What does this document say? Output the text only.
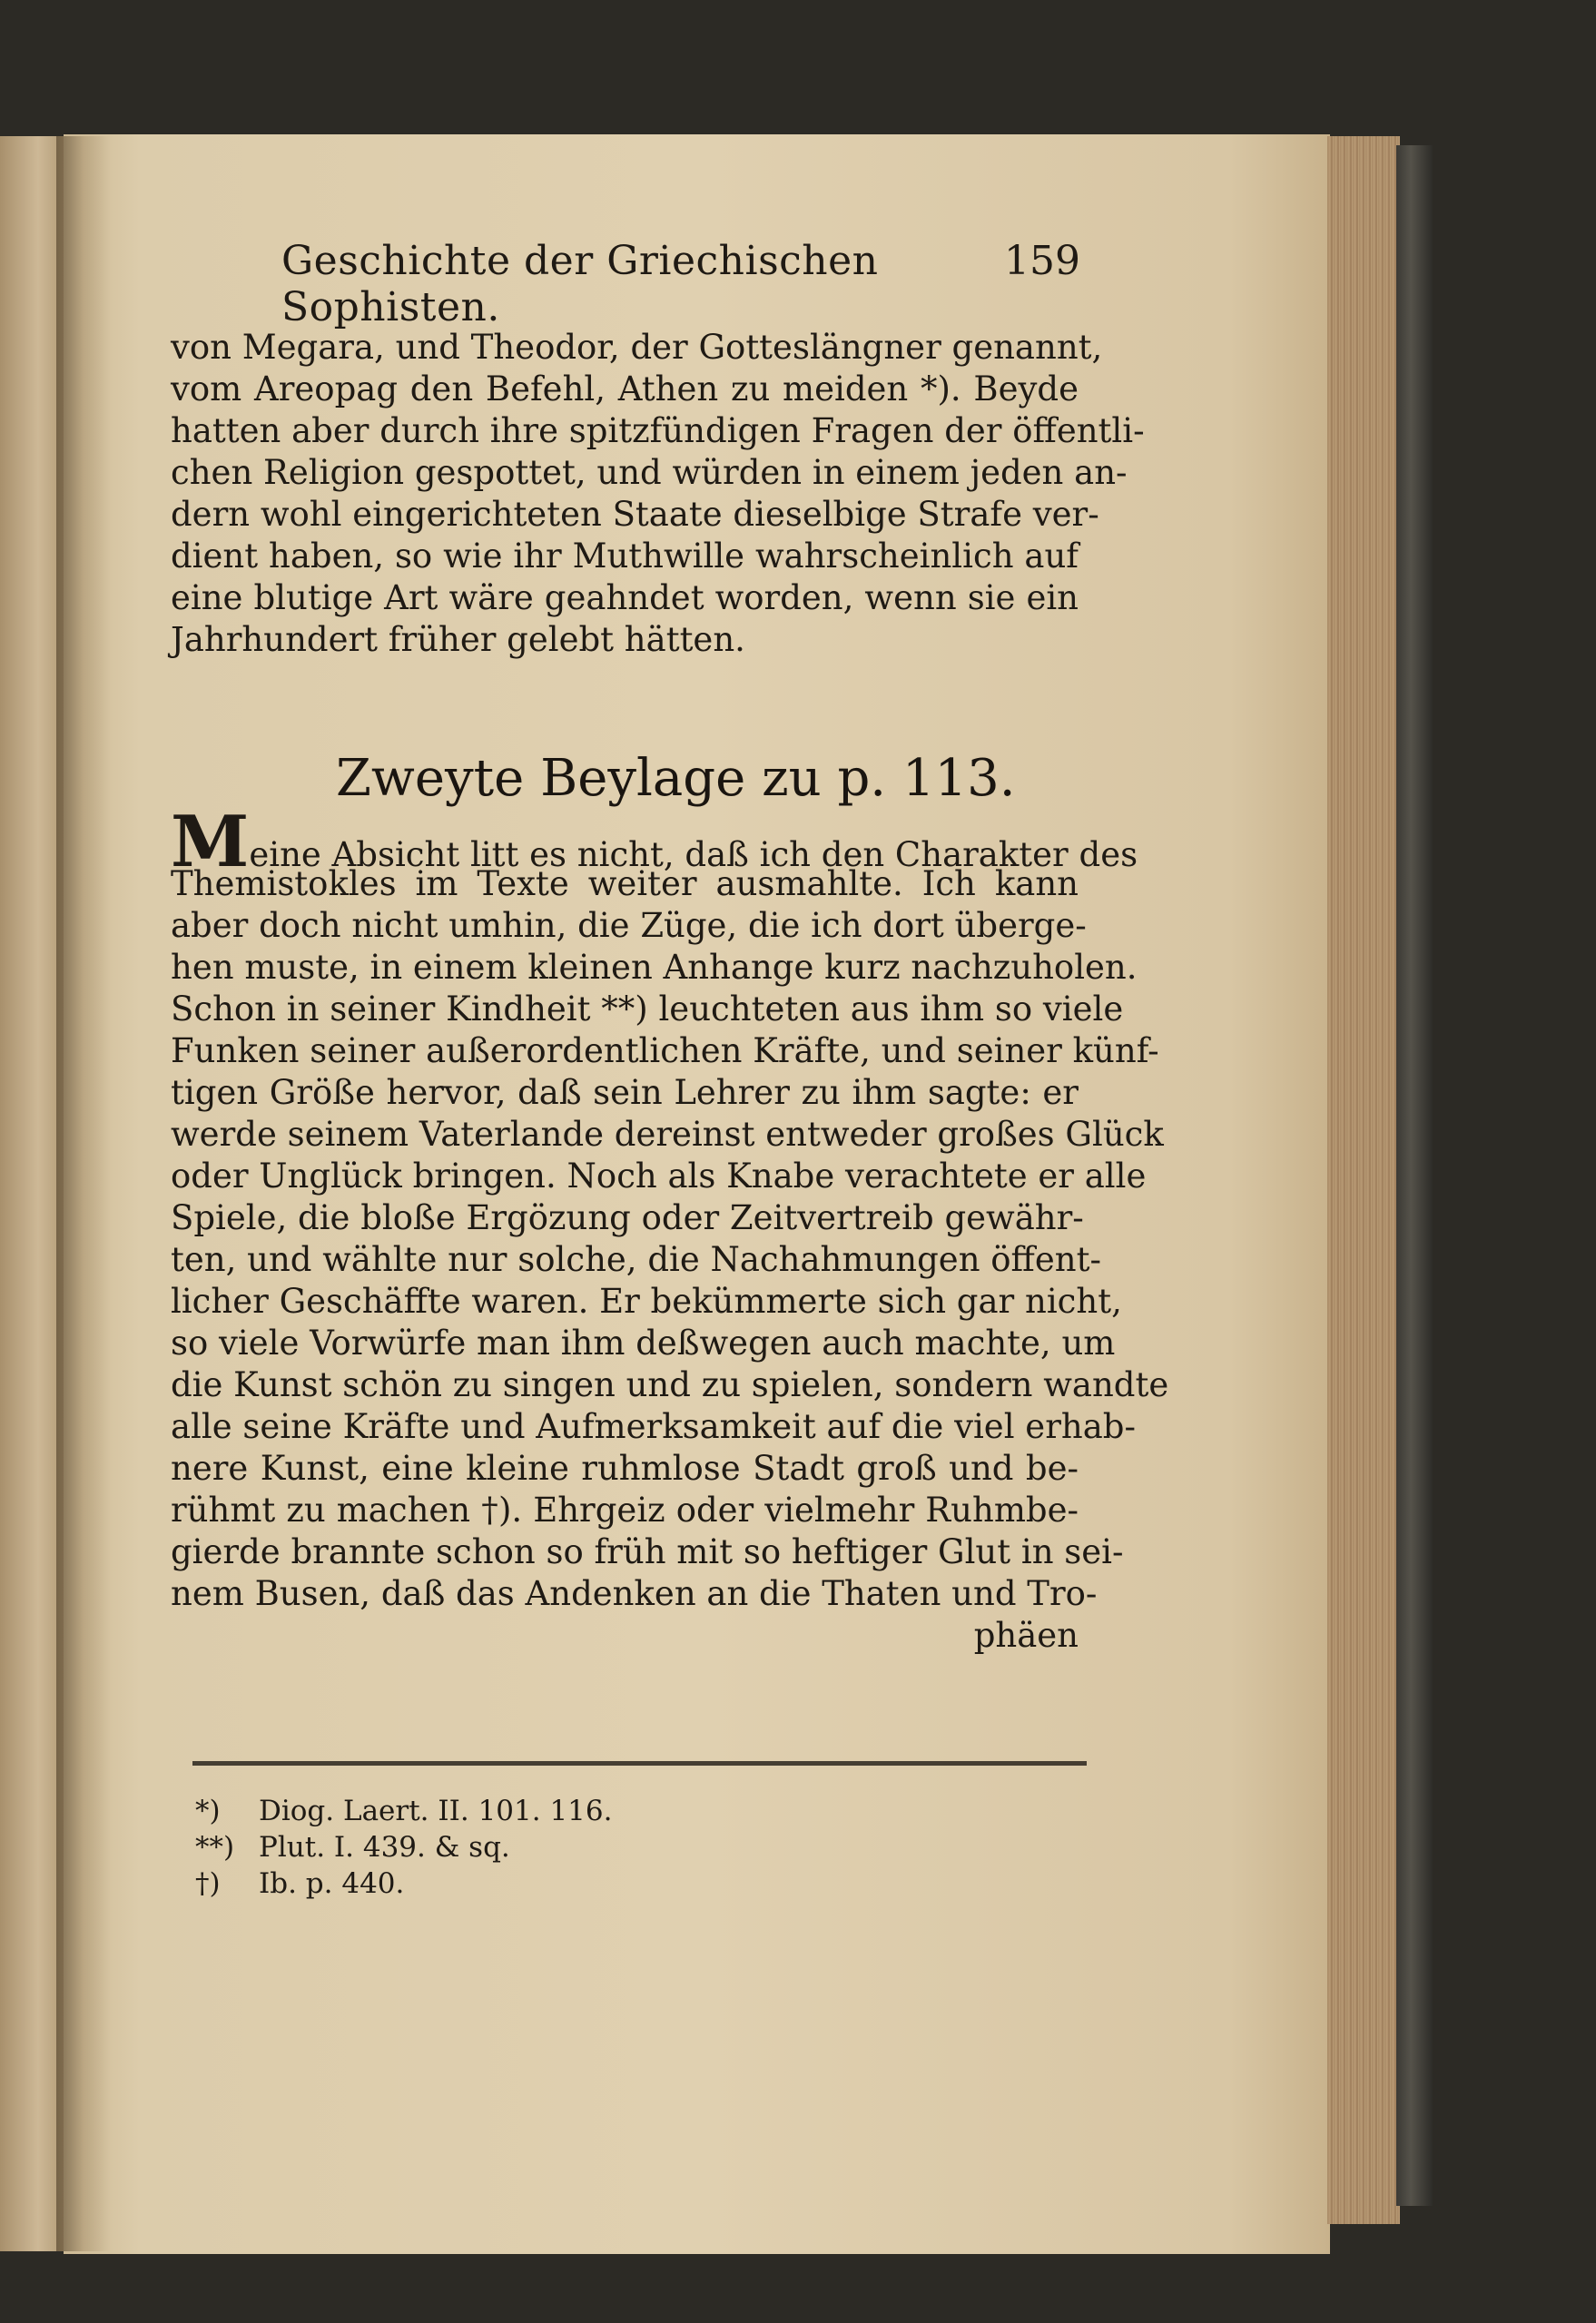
Geschichte der Griechischen Sophisten.
159
von Megara, und Theodor, der Gotteslängner genannt,
vom Areopag den Befehl, Athen zu meiden *). Beyde
hatten aber durch ihre spitzfündigen Fragen der öffentli-
chen Religion gespottet, und würden in einem jeden an-
dern wohl eingerichteten Staate dieselbige Strafe ver-
dient haben, so wie ihr Muthwille wahrscheinlich auf
eine blutige Art wäre geahndet worden, wenn sie ein
Jahrhundert früher gelebt hätten.
Zweyte Beylage zu p. 113.
Meine Absicht litt es nicht, daß ich den Charakter des
Themistokles im Texte weiter ausmahlte. Ich kann
aber doch nicht umhin, die Züge, die ich dort überge-
hen muste, in einem kleinen Anhange kurz nachzuholen.
Schon in seiner Kindheit **) leuchteten aus ihm so viele
Funken seiner außerordentlichen Kräfte, und seiner künf-
tigen Größe hervor, daß sein Lehrer zu ihm sagte: er
werde seinem Vaterlande dereinst entweder großes Glück
oder Unglück bringen. Noch als Knabe verachtete er alle
Spiele, die bloße Ergözung oder Zeitvertreib gewähr-
ten, und wählte nur solche, die Nachahmungen öffent-
licher Geschäffte waren. Er bekümmerte sich gar nicht,
so viele Vorwürfe man ihm deßwegen auch machte, um
die Kunst schön zu singen und zu spielen, sondern wandte
alle seine Kräfte und Aufmerksamkeit auf die viel erhab-
nere Kunst, eine kleine ruhmlose Stadt groß und be-
rühmt zu machen †). Ehrgeiz oder vielmehr Ruhmbe-
gierde brannte schon so früh mit so heftiger Glut in sei-
nem Busen, daß das Andenken an die Thaten und Tro-
phäen
*) Diog. Laert. II. 101. 116.
**) Plut. I. 439. & sq.
†) Ib. p. 440.
